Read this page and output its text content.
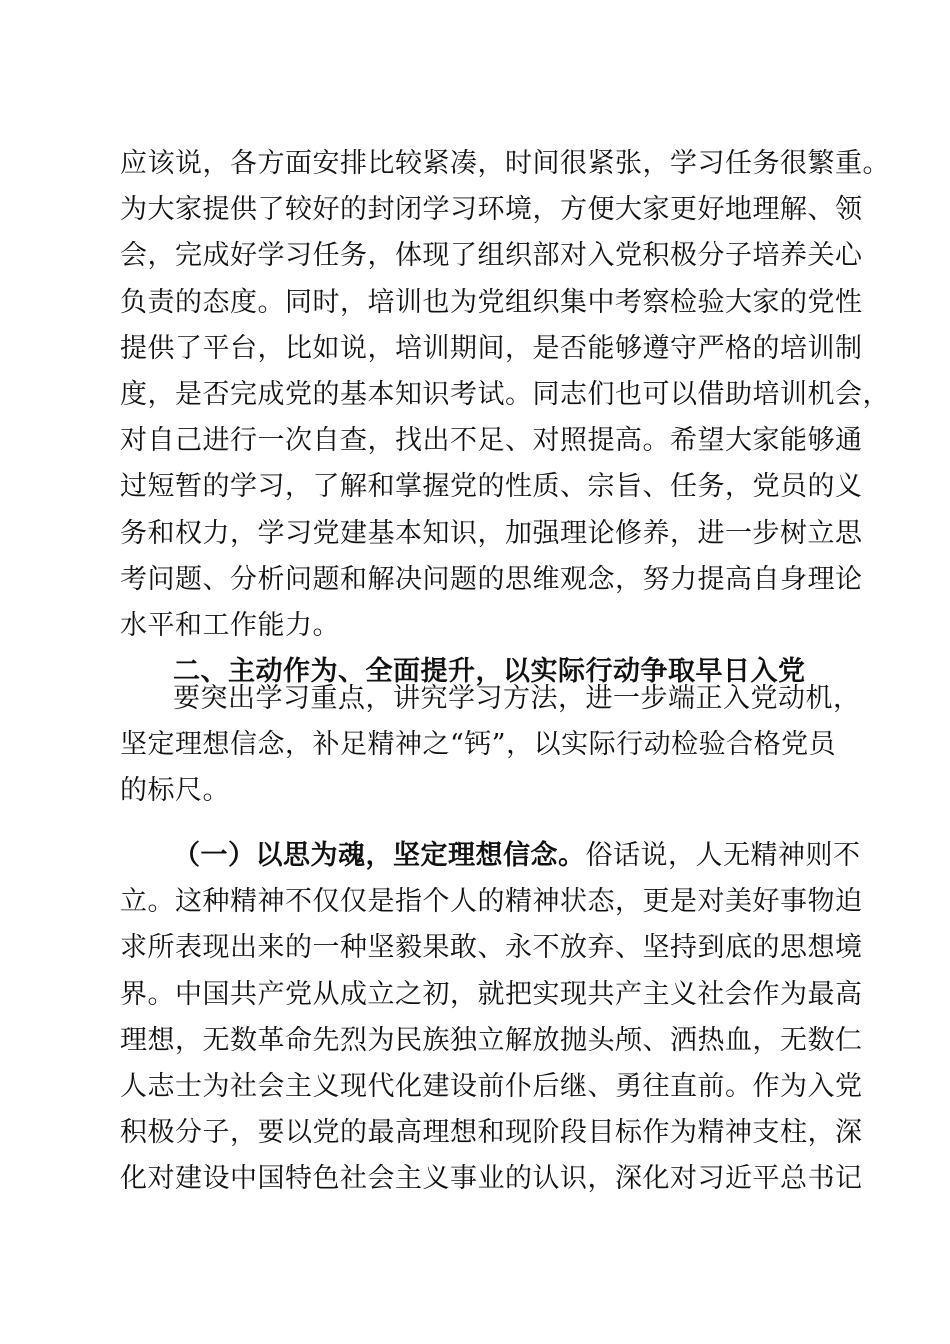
应该说，各方面安排比较紧凑，时间很紧张，学习任务很繁重。
为大家提供了较好的封闭学习环境，方便大家更好地理解、领
会，完成好学习任务，体现了组织部对入党积极分子培养关心
负责的态度。同时，培训也为党组织集中考察检验大家的党性
提供了平台，比如说，培训期间，是否能够遵守严格的培训制
度，是否完成党的基本知识考试。同志们也可以借助培训机会，
对自己进行一次自查，找出不足、对照提高。希望大家能够通
过短暂的学习，了解和掌握党的性质、宗旨、任务，党员的义
务和权力，学习党建基本知识，加强理论修养，进一步树立思
考问题、分析问题和解决问题的思维观念，努力提高自身理论
水平和工作能力。
二、主动作为、全面提升，以实际行动争取早日入党
要突出学习重点，讲究学习方法，进一步端正入党动机，
坚定理想信念，补足精神之“钙”，以实际行动检验合格党员
的标尺。
（一）以思为魂，坚定理想信念。俗话说，人无精神则不
立。这种精神不仅仅是指个人的精神状态，更是对美好事物迫
求所表现出来的一种坚毅果敢、永不放弃、坚持到底的思想境
界。中国共产党从成立之初，就把实现共产主义社会作为最高
理想，无数革命先烈为民族独立解放抛头颅、洒热血，无数仁
人志士为社会主义现代化建设前仆后继、勇往直前。作为入党
积极分子，要以党的最高理想和现阶段目标作为精神支柱，深
化对建设中国特色社会主义事业的认识，深化对习近平总书记
